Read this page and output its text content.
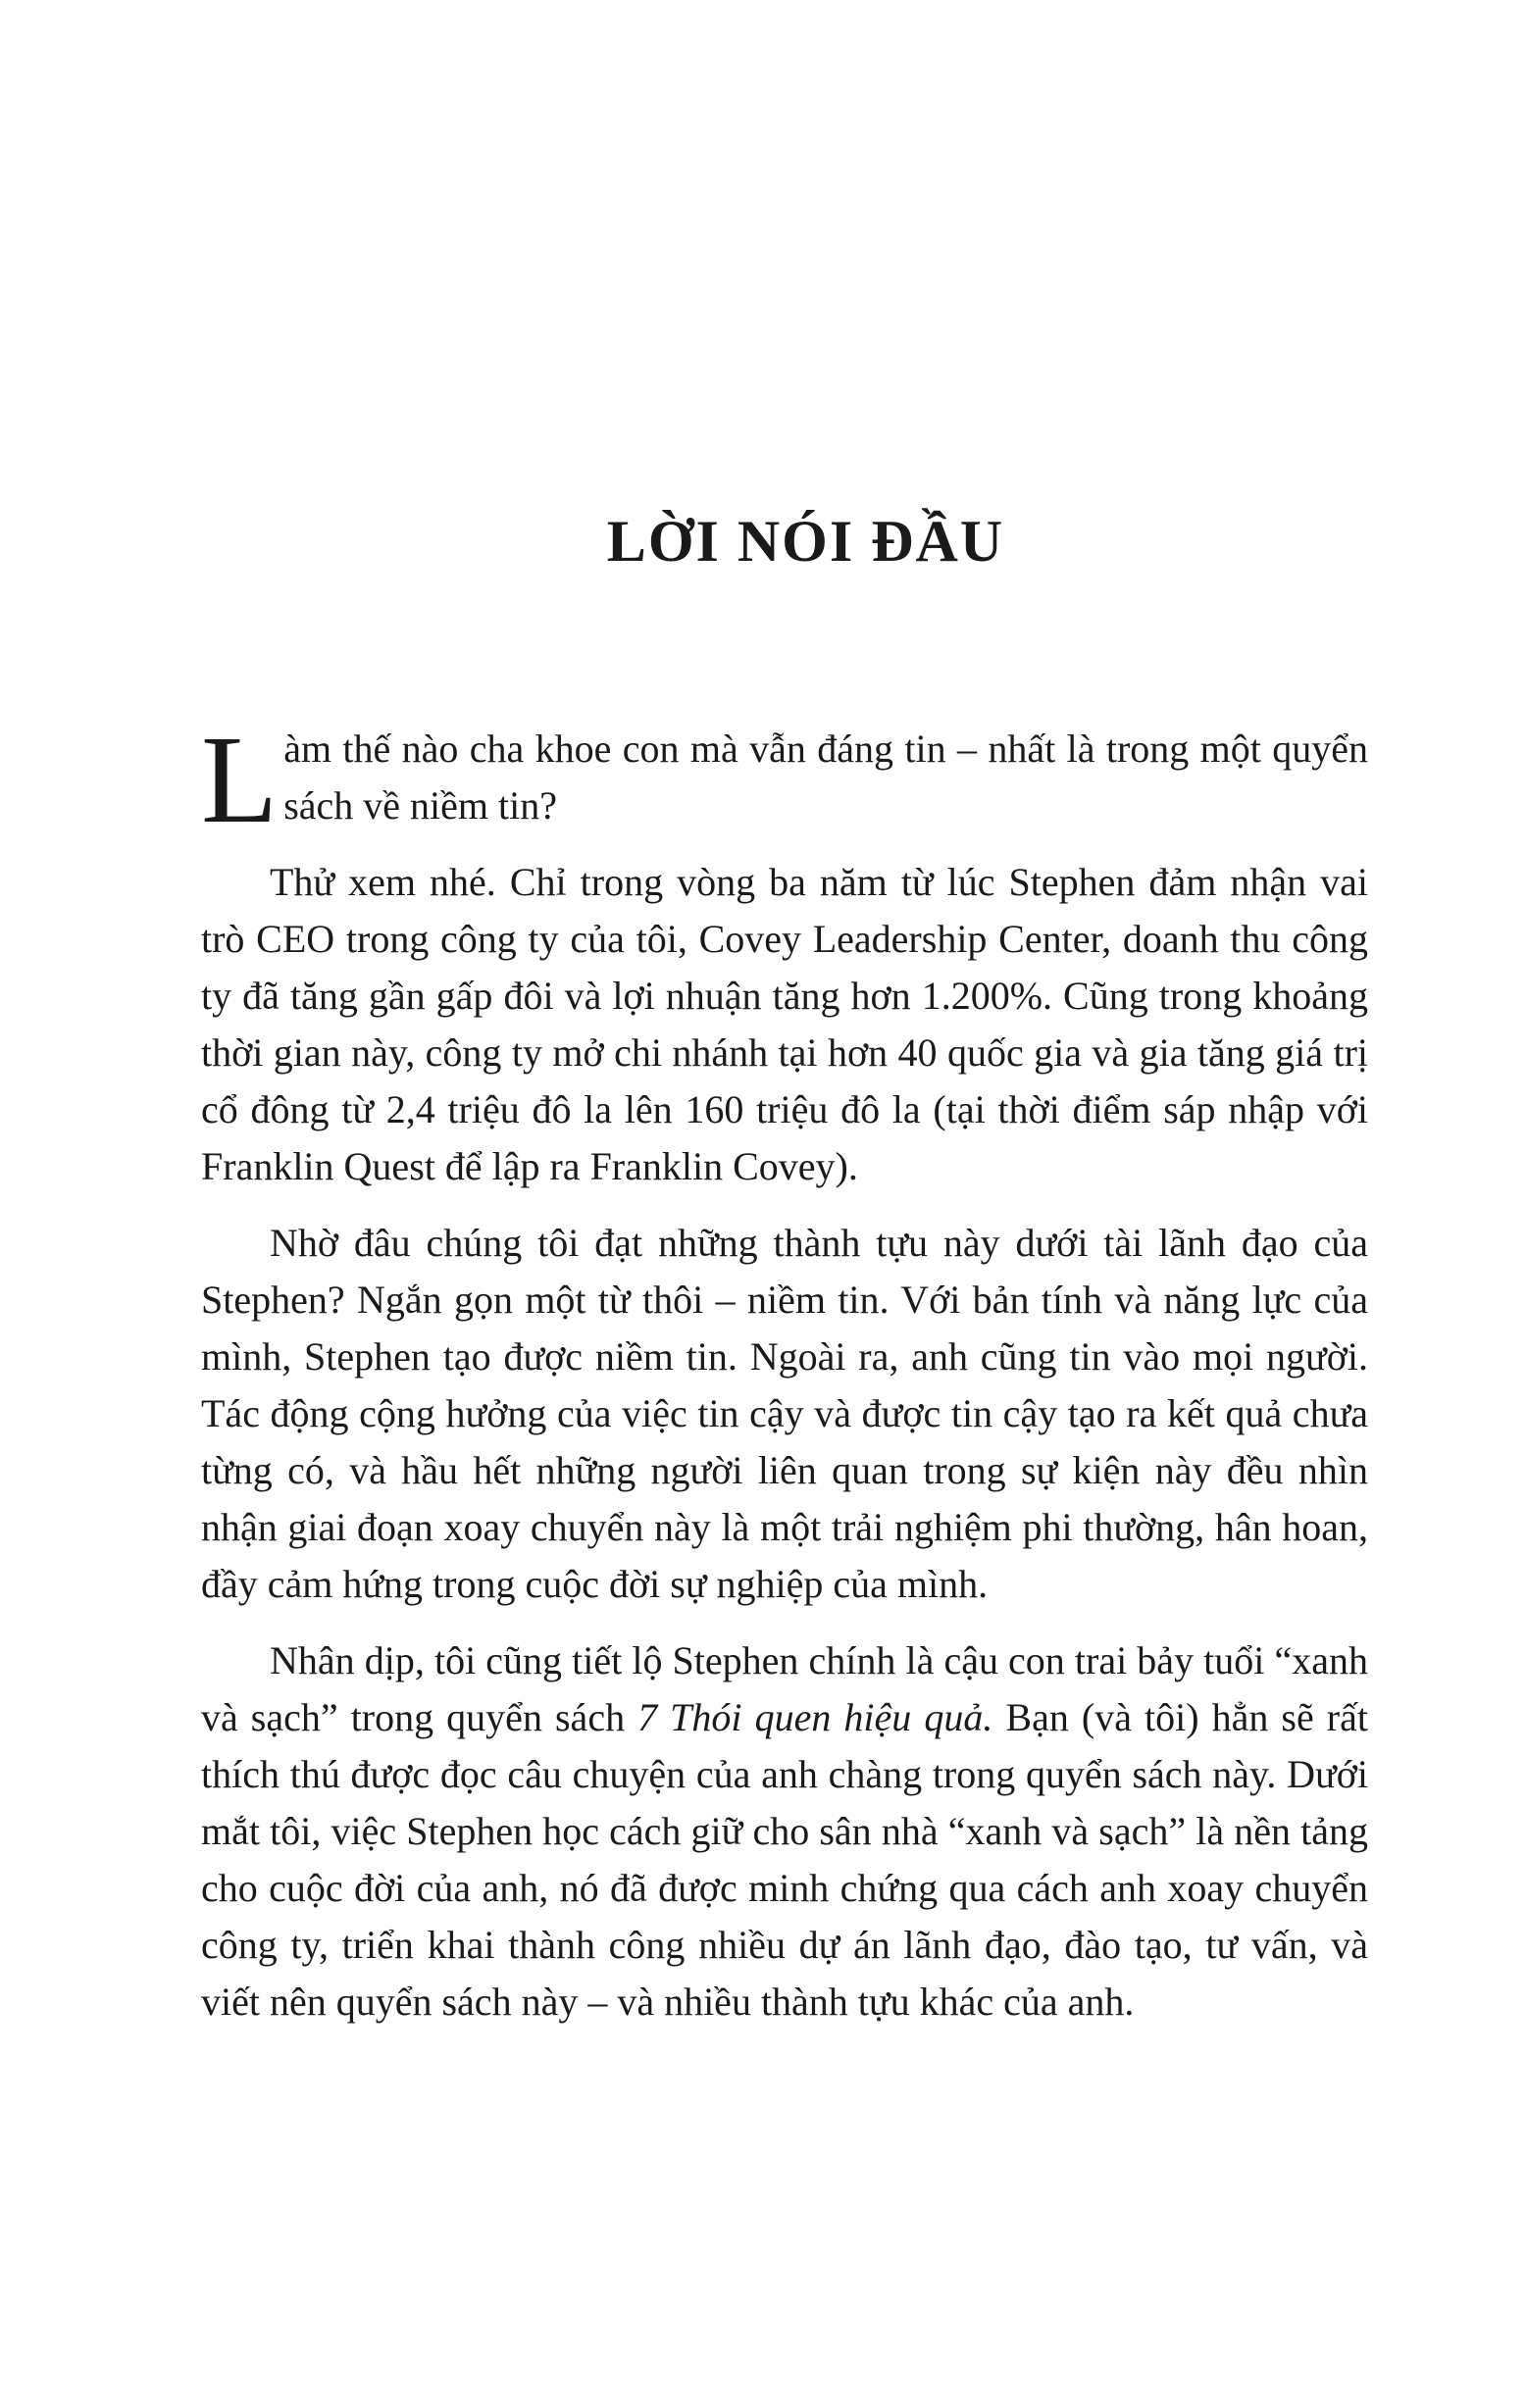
LỜI NÓI ĐẦU

Làm thế nào cha khoe con mà vẫn đáng tin – nhất là trong một quyển sách về niềm tin?

Thử xem nhé. Chỉ trong vòng ba năm từ lúc Stephen đảm nhận vai trò CEO trong công ty của tôi, Covey Leadership Center, doanh thu công ty đã tăng gần gấp đôi và lợi nhuận tăng hơn 1.200%. Cũng trong khoảng thời gian này, công ty mở chi nhánh tại hơn 40 quốc gia và gia tăng giá trị cổ đông từ 2,4 triệu đô la lên 160 triệu đô la (tại thời điểm sáp nhập với Franklin Quest để lập ra Franklin Covey).

Nhờ đâu chúng tôi đạt những thành tựu này dưới tài lãnh đạo của Stephen? Ngắn gọn một từ thôi – niềm tin. Với bản tính và năng lực của mình, Stephen tạo được niềm tin. Ngoài ra, anh cũng tin vào mọi người. Tác động cộng hưởng của việc tin cậy và được tin cậy tạo ra kết quả chưa từng có, và hầu hết những người liên quan trong sự kiện này đều nhìn nhận giai đoạn xoay chuyển này là một trải nghiệm phi thường, hân hoan, đầy cảm hứng trong cuộc đời sự nghiệp của mình.

Nhân dịp, tôi cũng tiết lộ Stephen chính là cậu con trai bảy tuổi “xanh và sạch” trong quyển sách 7 Thói quen hiệu quả. Bạn (và tôi) hẳn sẽ rất thích thú được đọc câu chuyện của anh chàng trong quyển sách này. Dưới mắt tôi, việc Stephen học cách giữ cho sân nhà “xanh và sạch” là nền tảng cho cuộc đời của anh, nó đã được minh chứng qua cách anh xoay chuyển công ty, triển khai thành công nhiều dự án lãnh đạo, đào tạo, tư vấn, và viết nên quyển sách này – và nhiều thành tựu khác của anh.
